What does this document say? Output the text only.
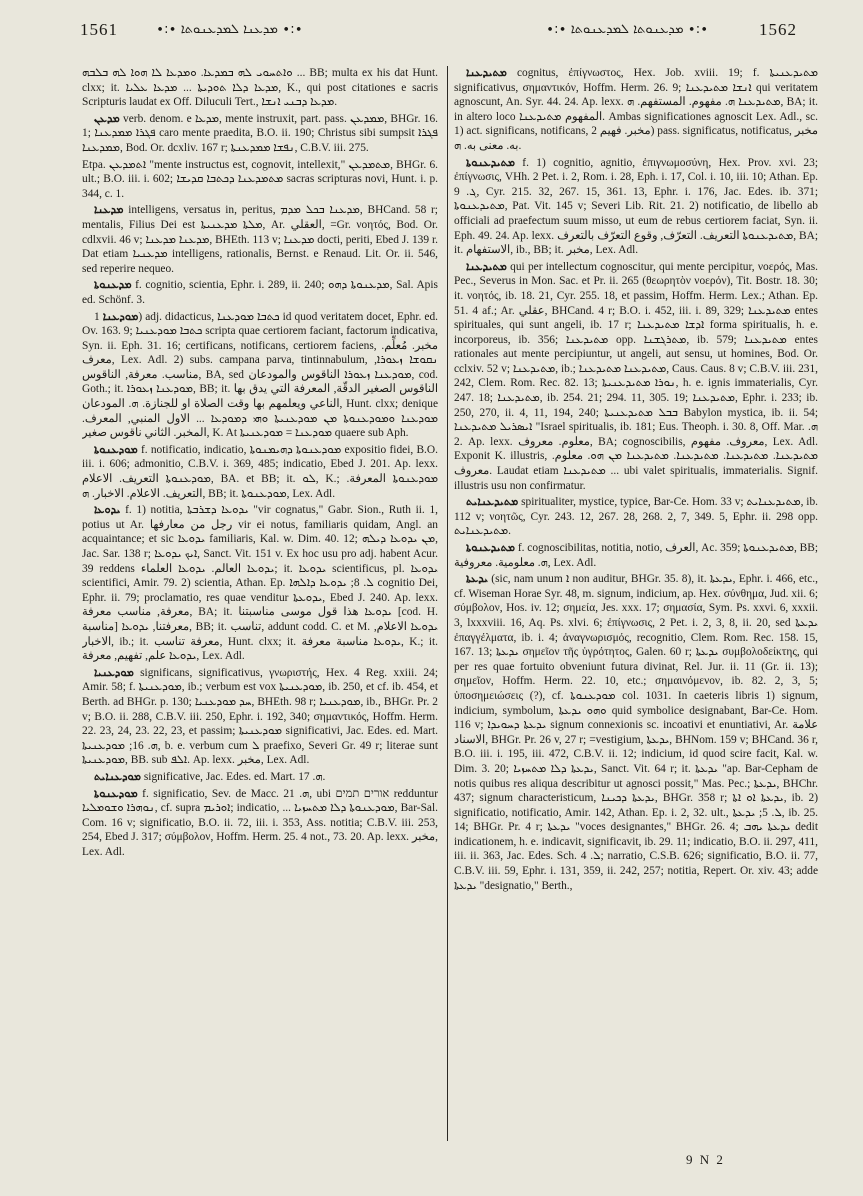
1561	∙:∙ ܡܕܥܢܐ ܠܡܕܥܢܘܬܐ ∙:∙	∙:∙ ܡܕܥܢܘܬܐ ܠܡܕܥܢܘܬܐ ∙:∙	1562

ܘܐܬܚܘܝ ܠܗ ܒܡܕܥܐ. ܘܡܕܥܐ ܠܐ ܗܘܐ ܠܗ ܒܠܒܗ ... BB; multa ex his dat Hunt. clxx; it. ܡܕܥܐ ܕܠܐ ܬܘܕܝܬܐ ... ܡܕܥܐ ܥܠܝܐ, K., qui post citationes e sacris Scripturis laudat ex Off. Diluculi Tert., ܡܕܥܐ ܕܒܢܝ ܐܢܫܐ.

ܡܕܥܢ verb. denom. e ܡܕܥܐ, mente instruxit, part. pass. ܡܡܕܥܢ, BHGr. 16. 1; ܦܓܪܐ ܡܡܕܥܢܐ caro mente praedita, B.O. ii. 190; Christus sibi sumpsit ܦܓܪܐ ܡܡܕܥܢܐ, Bod. Or. dcxliv. 167 r; ܢܦܫܐ ܡܡܕܥܢܬܐ, C.B.V. iii. 275.

Etpa. ܐܬܡܕܥܢ "mente instructus est, cognovit, intellexit," ܡܬܡܕܥܢ, BHGr. 6. ult.; B.O. iii. i. 602; ܡܬܡܕܥܢܐ ܕܟܬܒܐ ܩܕܝܫܐ sacras scripturas novi, Hunt. i. p. 344, c. 1.

ܡܕܥܢܐ intelligens, versatus in, peritus, ܡܕܥܢܐ ܒܟܠ ܡܕܡ, BHCand. 58 r; mentalis, Filius Dei est ܡܠܬܐ ܡܕܥܢܝܬܐ, Ar. العقلي, =Gr. νοητός, Bod. Or. cdlxvii. 46 v; ܡܕܥܢܐ ܡܕܥܢܐ, BHEth. 113 v; ܡܕܥܢܐ docti, periti, Ebed J. 139 r. Dat etiam ܡܕܥܢܝܐ intelligens, rationalis, Bernst. e Renaud. Lit. Or. ii. 546, sed reperire nequeo.

ܡܕܥܢܘܬܐ f. cognitio, scientia, Ephr. i. 289, ii. 240; ܡܕܥܢܘܬܐ ܕܗܘ, Sal. Apis ed. Schönf. 3.

ܡܘܕܥܢܐ 1) adj. didacticus, ܟܬܒܐ ܡܘܕܥܢܐ id quod veritatem docet, Ephr. ed. Ov. 163. 9; ܟܬܒܐ ܡܘܕܥܢܝܐ scripta quae certiorem faciant, factorum indicativa, Syn. ii. Eph. 31. 16; certificans, notificans, certiorem faciens, مخبر. مُعلِّم. معرف, Lex. Adl. 2) subs. campana parva, tintinnabulum, ܢܩܘܫܐ ܙܥܘܪܐ, مناسب. معرفة, الناقوس, BA, sed ܡܘܕܥܢܐ ܙܥܘܪܐ الناقوس والمودعان, cod. Goth.; it. ܡܘܕܥܢܐ ܙܥܘܪܐ, BB; it. الناقوس الصغير الدقّة, المعرفة التي يدق بها الناعي ويعلمهم بها وقت الصلاة او للجنازة. ܗ. المودعان, Hunt. clxx; denique ܡܘܕܥܢܐ ܘܡܘܕܥܢܘܬܐ ܡܢ ܡܘܕܥܢܝܬܐ ܘܗܝ ܕܡܘܕܥܐ ... الاول المنبي, المعرف. المخبر. الثاني ناقوس صغير, K. At ܡܘܕܥܢܐ = ܡܘܕܥܢܝܬܐ quaere sub Aph.

ܡܘܕܥܢܘܬܐ f. notificatio, indicatio, ܡܘܕܥܢܘܬܐ ܕܗܝܡܢܘܬܐ expositio fidei, B.O. iii. i. 606; admonitio, C.B.V. i. 369, 485; indicatio, Ebed J. 201. Ap. lexx. ܡܘܕܥܢܘܬܐ التعريف. الاعلام, BA. et BB; it. ܠܘ, K.; ܡܘܕܥܢܘܬܐ المعرفة. التعريف. الاعلام. الاخبار. ܗ, BB; it. ܡܘܕܥܢܘܬܐ, Lex. Adl.

ܝܕܘܥܐ f. 1) notitia, ܝܕܘܥܐ ܕܫܪܒܬܐ "vir cognatus," Gabr. Sion., Ruth ii. 1, potius ut Ar. رجل من معارفها vir ei notus, familiaris quidam, Angl. an acquaintance; et sic ܝܕܘܥܐ familiaris, Kal. w. Dim. 40. 12; ܡܢ ܝܕܘܥܐ ܕܝܠܗ, Jac. Sar. 138 r; ܐܝܟ ܝܕܘܥܐ, Sanct. Vit. 151 v. Ex hoc usu pro adj. habent Acur. 39 reddens ܝܕܘܥܐ العالم. ܝܕܘܥܐ العلماء; it. ܝܕܘܥܐ scientificus, pl. ܝܕܘܥܐ scientifici, Amir. 79. 2) scientia, Athan. Ep. ܠ. 8; ܝܕܘܥܐ ܕܐܠܗܐ cognitio Dei, Ephr. ii. 79; proclamatio, res quae venditur ܝܕܘܥܬܐ, Ebed J. 240. Ap. lexx. معرفة, مناسب معرفة, BA; it. ܝܕܘܥܐ هذا قول موسى مناسبتنا [cod. H. مناسبة] معرفتنا, ܝܕܘܥܐ, BB; it. تناسب, addunt codd. C. et M. ܝܕܘܥܐ الاعلام, الاخبار, ib.; it. معرفة تناسب, Hunt. clxx; it. ܝܕܘܥܐ مناسبة معرفة, K.; it. ܝܕܘܥܐ علم, تفهيم, معرفة, Lex. Adl.

ܡܘܕܥܢܝܐ significans, significativus, γνωριστής, Hex. 4 Reg. xxiii. 24; Amir. 58; f. ܡܘܕܥܢܝܬܐ, ib.; verbum est vox ܡܘܕܥܢܝܬܐ, ib. 250, et cf. ib. 454, et Berth. ad BHGr. p. 130; ܚܕ ܡܘܕܥܢܝܐ, BHEth. 98 r; ܡܘܕܥܢܝܐ, ib., BHGr. Pr. 2 v; B.O. ii. 288, C.B.V. iii. 250, Ephr. i. 192, 340; σημαντικός, Hoffm. Herm. 22. 23, 24, 23. 22, 23, et passim; ܡܘܕܥܢܝܬܐ significativi, Jac. Edes. ed. Mart. ܗ. 16; ܡܘܕܥܢܝܬܐ, b. e. verbum cum ܠ praefixo, Severi Gr. 49 r; literae sunt ܡܘܕܥܢܝܬܐ, BB. sub ܐܠܦ. Ap. lexx. مخبر, Lex. Adl.

ܡܘܕܥܢܐܝܬ significative, Jac. Edes. ed. Mart. ܗ. 17.

ܡܘܕܥܢܘܬܐ f. significatio, Sev. de Macc. ܗ. 21, ubi אורים תמים redduntur ܢܘܗܪܐ ܘܫܘܡܠܝܐ, cf. supra ܐܘܪܝܡ; indicatio, ... ܡܘܕܥܢܘܬܐ ܕܠܐ ܡܬܚܙܝܐ, Bar-Sal. Com. 16 v; significatio, B.O. ii. 72, iii. i. 353, Ass. notitia; C.B.V. iii. 253, 254, Ebed J. 317; σύμβολον, Hoffm. Herm. 25. 4 not., 73. 20. Ap. lexx. مخبر, Lex. Adl.

ܡܬܝܕܥܢܐ cognitus, ἐπίγνωστος, Hex. Job. xviii. 19; f. ܡܬܝܕܥܢܝܬܐ significativus, σημαντικόν, Hoffm. Herm. 26. 9; ܐܢܫܐ ܡܬܝܕܥܢܐ qui veritatem agnoscunt, An. Syr. 44. 24. Ap. lexx. ܡܬܝܕܥܢܐ ܗ. مفهوم. المستفهم. ܗ, BA; it. in altero loco المفهوم ܡܬܝܕܥܢܐ. Ambas significationes agnoscit Lex. Adl., sc. 1) act. significans, notificans, مخبر. فهيم 2) pass. significatus, notificatus, مخبر به. معنى به. ܗ.

ܡܬܝܕܥܢܘܬܐ f. 1) cognitio, agnitio, ἐπιγνωμοσύνη, Hex. Prov. xvi. 23; ἐπίγνωσις, VHh. 2 Pet. i. 2, Rom. i. 28, Eph. i. 17, Col. i. 10, iii. 10; Athan. Ep. ܓ. 9, Cyr. 215. 32, 267. 15, 361. 13, Ephr. i. 176, Jac. Edes. ib. 371; ܡܬܝܕܥܢܘܬܐ, Pat. Vit. 145 v; Severi Lib. Rit. 21. 2) notificatio, de libello ab officiali ad praefectum suum misso, ut eum de rebus certiorem faciat, Syn. ii. Eph. 49. 24. Ap. lexx. ܡܬܝܕܥܢܘܬܐ التعريف. التعرّف, وقوع التعرّف بالتعرف, BA; it. الاستفهام, ib., BB; it. مخبر, Lex. Adl.

ܡܬܝܕܥܢܐ qui per intellectum cognoscitur, qui mente percipitur, νοερός, Mas. Pec., Severus in Mon. Sac. et Pr. ii. 265 (θεωρητὸν νοερόν), Tit. Bostr. 18. 30; it. νοητός, ib. 18. 21, Cyr. 255. 18, et passim, Hoffm. Herm. Lex.; Athan. Ep. 51. 4 af.; Ar. عقلي, BHCand. 4 r; B.O. i. 452, iii. i. 89, 329; ܡܬܝܕܥܢܐ entes spirituales, qui sunt angeli, ib. 17 r; ܐܕܫܐ ܡܬܝܕܥܢܐ forma spiritualis, h. e. incorporeus, ib. 356; ܡܬܝܕܥܢܐ opp. ܡܬܪܓܫܢܐ, ib. 579; ܡܬܝܕܥܢܐ entes rationales aut mente percipiuntur, ut angeli, aut sensu, ut homines, Bod. Or. cclxiv. 52 v; ܡܬܝܕܥܢܐ, ib.; ܡܬܝܕܥܢܐ ܡܬܝܕܥܢܐ, Caus. Caus. 8 v; C.B.V. iii. 231, 242, Clem. Rom. Rec. 82. 13; ܢܘܪܐ ܡܬܝܕܥܢܝܬܐ, h. e. ignis immaterialis, Cyr. 247. 18; ܡܬܝܕܥܢܐ, ib. 254. 21; 294. 11, 305. 19; ܡܬܝܕܥܢܐ, Ephr. i. 233; ib. 250, 270, ii. 4, 11, 194, 240; ܒܒܠ ܡܬܝܕܥܢܝܬܐ Babylon mystica, ib. ii. 54; ܐܝܣܪܝܠ ܡܬܝܕܥܢܐ "Israel spiritualis, ib. 181; Eus. Theoph. i. 30. 8, Off. Mar. ܗ. 2. Ap. lexx. معلوم. معروف, BA; cognoscibilis, معروف. مفهوم, Lex. Adl. Exponit K. illustris, ܡܬܝܕܥܢܐ. ܡܬܝܕܥܢܐ. ܡܬܝܕܥܢܐ. ܡܬܝܕܥܢܐ ܡܢ ܗܘ. معلوم. معروف. Laudat etiam ܡܬܝܕܥܢܐ ... ubi valet spiritualis, immaterialis. Signif. illustris usu non confirmatur.

ܡܬܝܕܥܢܐܝܬ spiritualiter, mystice, typice, Bar-Ce. Hom. 33 v; ܡܬܝܕܥܢܐܝܬ, ib. 112 v; νοητῶς, Cyr. 243. 12, 267. 28, 268. 2, 7, 349. 5, Ephr. ii. 298 opp. ܡܬܝܕܥܢܐܝܬ.

ܡܬܝܕܥܢܘܬܐ f. cognoscibilitas, notitia, notio, العرف, Ac. 359; ܡܬܝܕܥܢܘܬܐ, BB; ܗ. معلومية. معروفية, Lex. Adl.

ܝܕܥܬܐ (sic, nam unum ܐ non auditur, BHGr. 35. 8), it. ܝܕܥܬܐ, Ephr. i. 466, etc., cf. Wiseman Horae Syr. 48, m. signum, indicium, ap. Hex. σύνθημα, Jud. xii. 6; σύμβολον, Hos. iv. 12; σημεία, Jes. xxx. 17; σημασία, Sym. Ps. xxvi. 6, xxxii. 3, lxxxviii. 16, Aq. Ps. xlvi. 6; ἐπίγνωσις, 2 Pet. i. 2, 3, 8, ii. 20, sed ܝܕܥܬܐ ἐπαγγέλματα, ib. i. 4; ἀναγνωρισμός, recognitio, Clem. Rom. Rec. 158. 15, 167. 13; ܝܕܥܬܐ σημεῖον τῆς ὑγρότητος, Galen. 60 r; ܝܕܥܬܐ συμβολοδείκτης, qui per res quae fortuito obveniunt futura divinat, Rel. Jur. ii. 11 (Gr. ii. 13); σημεῖον, Hoffm. Herm. 22. 10, etc.; σημαινόμενον, ib. 82. 2, 3, 5; ὑποσημειώσεις (?), cf. ܡܘܕܥܢܘܬܐ col. 1031. In caeteris libris 1) signum, indicium, symbolum, ܘܗܘ ܝܕܥܬܐ quid symbolice designabant, Bar-Ce. Hom. 116 v; ܝܕܥܬܐ ܕܚܘܝܕܐ signum connexionis sc. incoativi et enuntiativi, Ar. علامة الاسناد, BHGr. Pr. 26 v, 27 r; =vestigium, ܝܕܥܬܐ, BHNom. 159 v; BHCand. 36 r, B.O. iii. i. 195, iii. 472, C.B.V. ii. 12; indicium, id quod scire facit, Kal. w. Dim. 3. 20; ܝܕܥܬܐ ܕܠܐ ܡܬܚܙܝܐ, Sanct. Vit. 64 r; it. ܝܕܥܬܐ "ap. Bar-Cepham de notis quibus res aliqua describitur ut agnosci possit," Mas. Pec.; ܝܕܥܬܐ, BHChr. 437; signum characteristicum, ܝܕܥܬܐ ܕܟܝܢܐ, BHGr. 358 r; ܝܕܥܬܐ ܐܘ ܐܬܐ, ib. 2) significatio, notificatio, Amir. 142, Athan. Ep. i. 2, 32. ult., ܠ. 5; ܝܕܥܬܐ, ib. 25. 14; BHGr. Pr. 4 r; ܝܕܥܬܐ "voces designantes," BHGr. 26. 4; ܝܕܥܬܐ ܝܗܒ dedit indicationem, h. e. indicavit, significavit, ib. 29. 11; indicatio, B.O. ii. 297, 411, iii. ii. 363, Jac. Edes. Sch. ܠ. 4; narratio, C.S.B. 626; significatio, B.O. ii. 77, C.B.V. iii. 59, Ephr. i. 131, 359, ii. 242, 257; notitia, Repert. Or. xiv. 43; adde ܝܕܥܬܐ "designatio," Berth.,

9 N 2
